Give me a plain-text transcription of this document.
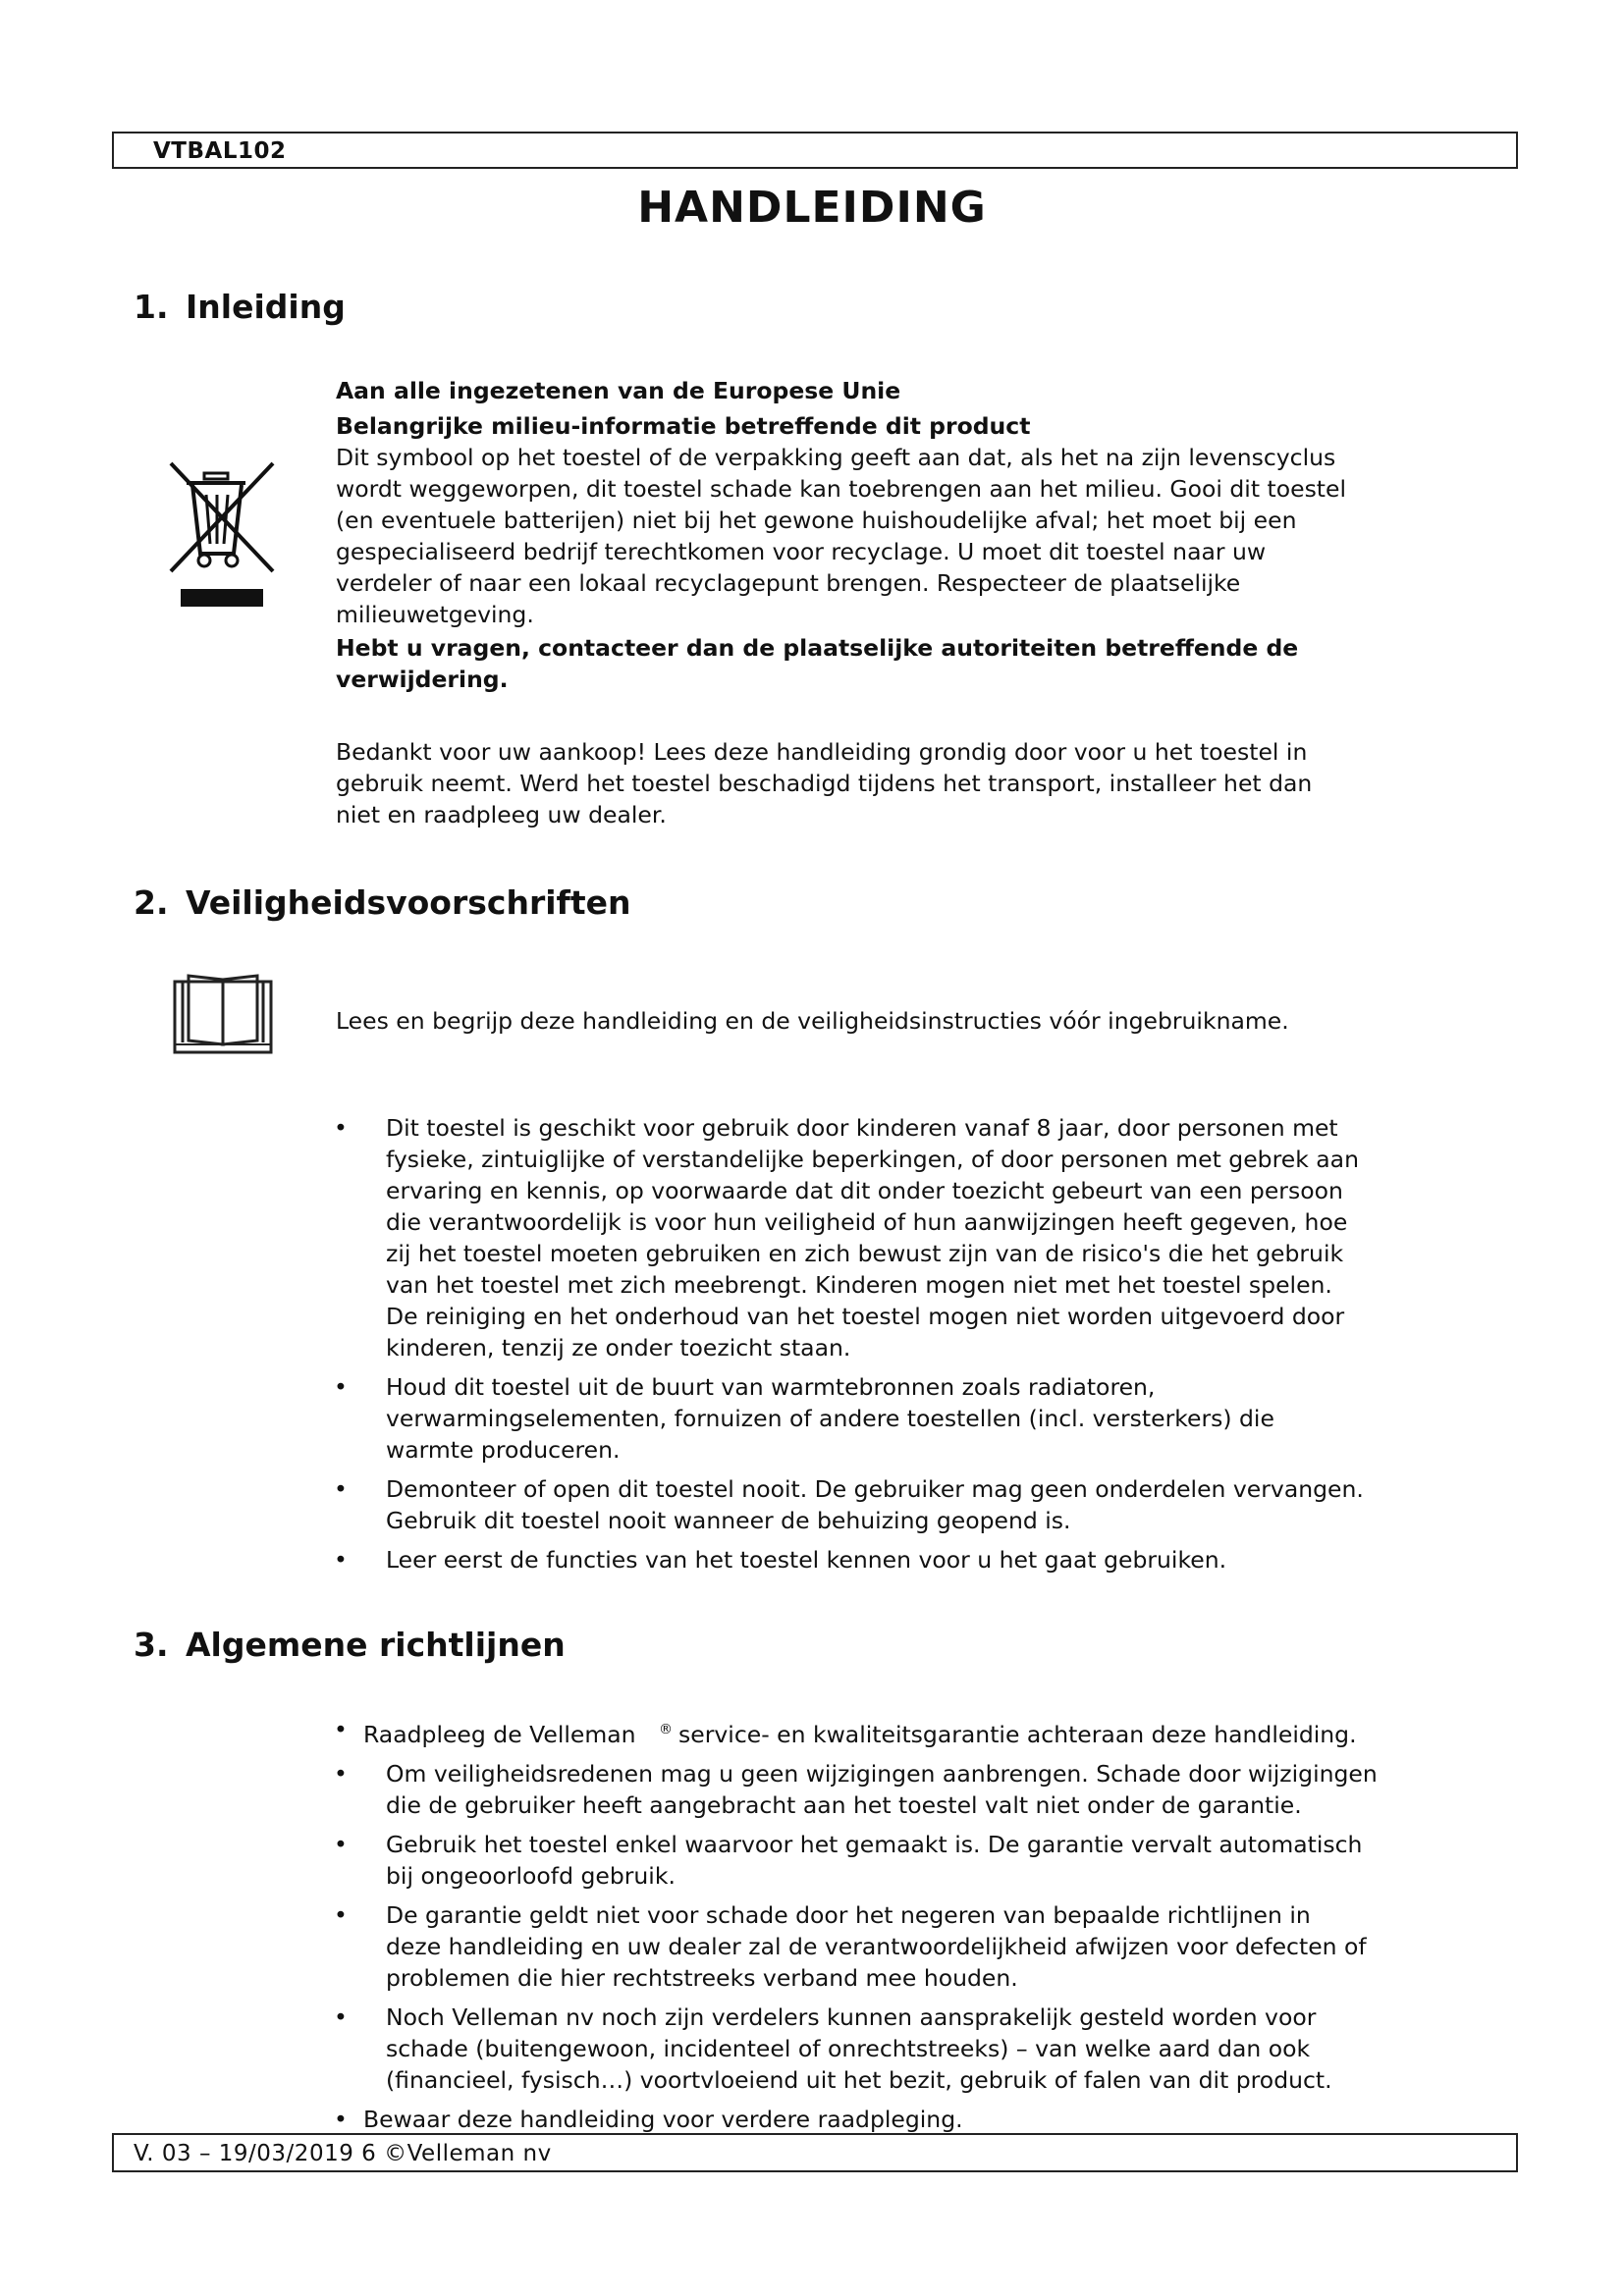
VTBAL102
HANDLEIDING
1. Inleiding

Aan alle ingezetenen van de Europese Unie

Belangrijke milieu-informatie betreffende dit product

Dit symbool op het toestel of de verpakking geeft aan dat, als het na zijn levenscyclus

wordt weggeworpen, dit toestel schade kan toebrengen aan het milieu. Gooi dit toestel

(en eventuele batterijen) niet bij het gewone huishoudelijke afval; het moet bij een

gespecialiseerd bedrijf terechtkomen voor recyclage. U moet dit toestel naar uw

verdeler of naar een lokaal recyclagepunt brengen. Respecteer de plaatselijke

milieuwetgeving.

Hebt u vragen, contacteer dan de plaatselijke autoriteiten betreffende de

verwijdering.

Bedankt voor uw aankoop! Lees deze handleiding grondig door voor u het toestel in

gebruik neemt. Werd het toestel beschadigd tijdens het transport, installeer het dan

niet en raadpleeg uw dealer.

2. Veiligheidsvoorschriften

Lees en begrijp deze handleiding en de veiligheidsinstructies vóór ingebruikname.

• Dit toestel is geschikt voor gebruik door kinderen vanaf 8 jaar, door personen met
fysieke, zintuiglijke of verstandelijke beperkingen, of door personen met gebrek aan
ervaring en kennis, op voorwaarde dat dit onder toezicht gebeurt van een persoon
die verantwoordelijk is voor hun veiligheid of hun aanwijzingen heeft gegeven, hoe
zij het toestel moeten gebruiken en zich bewust zijn van de risico's die het gebruik
van het toestel met zich meebrengt. Kinderen mogen niet met het toestel spelen.
De reiniging en het onderhoud van het toestel mogen niet worden uitgevoerd door
kinderen, tenzij ze onder toezicht staan.
• Houd dit toestel uit de buurt van warmtebronnen zoals radiatoren,
verwarmingselementen, fornuizen of andere toestellen (incl. versterkers) die
warmte produceren.
• Demonteer of open dit toestel nooit. De gebruiker mag geen onderdelen vervangen.
Gebruik dit toestel nooit wanneer de behuizing geopend is.
• Leer eerst de functies van het toestel kennen voor u het gaat gebruiken.
3. Algemene richtlijnen
• Raadpleeg de Velleman ® service- en kwaliteitsgarantie achteraan deze handleiding.
• Om veiligheidsredenen mag u geen wijzigingen aanbrengen. Schade door wijzigingen
die de gebruiker heeft aangebracht aan het toestel valt niet onder de garantie.
• Gebruik het toestel enkel waarvoor het gemaakt is. De garantie vervalt automatisch
bij ongeoorloofd gebruik.
• De garantie geldt niet voor schade door het negeren van bepaalde richtlijnen in
deze handleiding en uw dealer zal de verantwoordelijkheid afwijzen voor defecten of
problemen die hier rechtstreeks verband mee houden.
• Noch Velleman nv noch zijn verdelers kunnen aansprakelijk gesteld worden voor
schade (buitengewoon, incidenteel of onrechtstreeks) – van welke aard dan ook
(financieel, fysisch…) voortvloeiend uit het bezit, gebruik of falen van dit product.
• Bewaar deze handleiding voor verdere raadpleging.
V. 03 – 19/03/2019 6 ©Velleman nv
